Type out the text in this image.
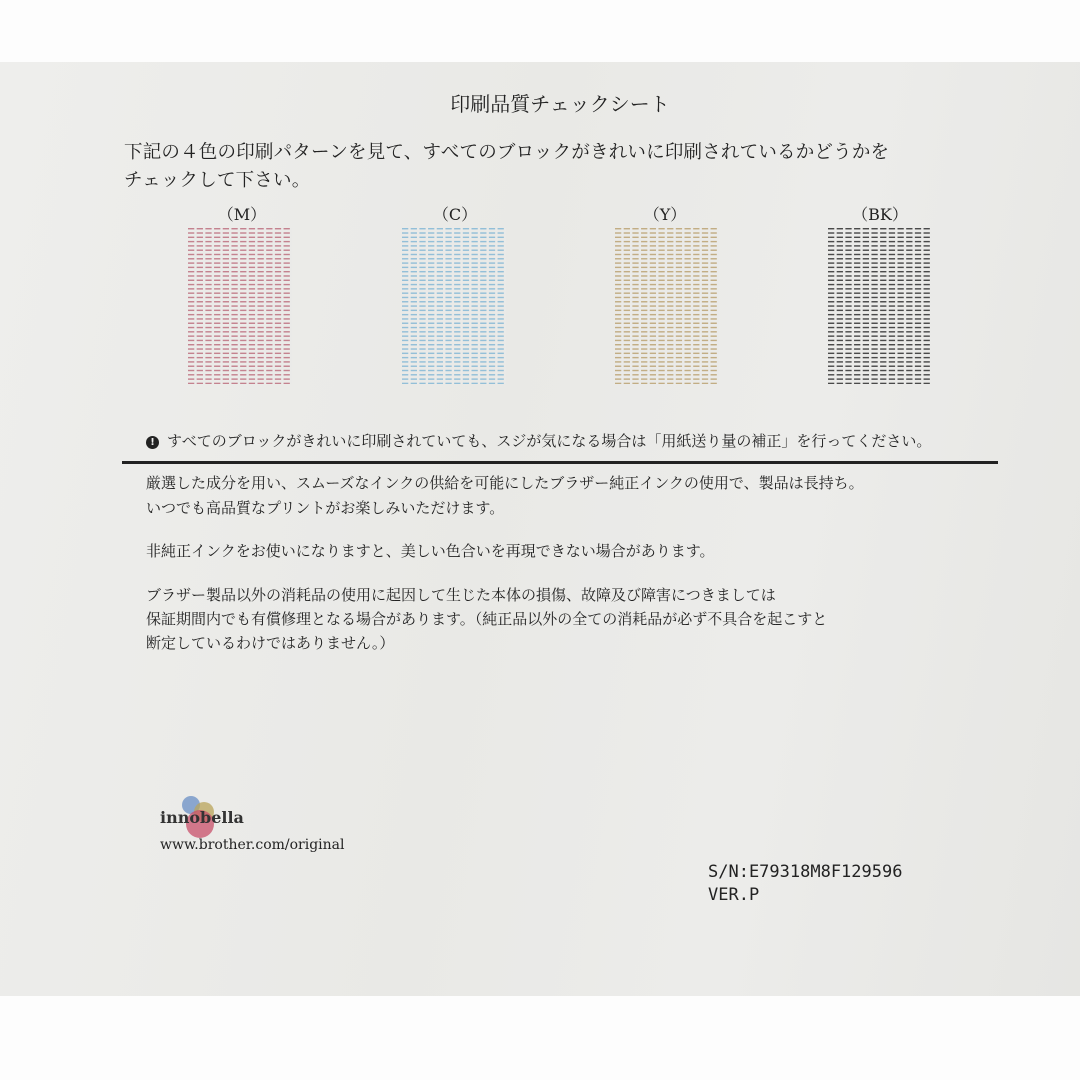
印刷品質チェックシート
下記の４色の印刷パターンを見て、すべてのブロックがきれいに印刷されているかどうかを
チェックして下さい。
（M）	（C）	（Y）	（BK）
! すべてのブロックがきれいに印刷されていても、スジが気になる場合は「用紙送り量の補正」を行ってください。
厳選した成分を用い、スムーズなインクの供給を可能にしたブラザー純正インクの使用で、製品は長持ち。
いつでも高品質なプリントがお楽しみいただけます。
非純正インクをお使いになりますと、美しい色合いを再現できない場合があります。
ブラザー製品以外の消耗品の使用に起因して生じた本体の損傷、故障及び障害につきましては
保証期間内でも有償修理となる場合があります。（純正品以外の全ての消耗品が必ず不具合を起こすと
断定しているわけではありません。）
innobella
www.brother.com/original
S/N:E79318M8F129596
VER.P
